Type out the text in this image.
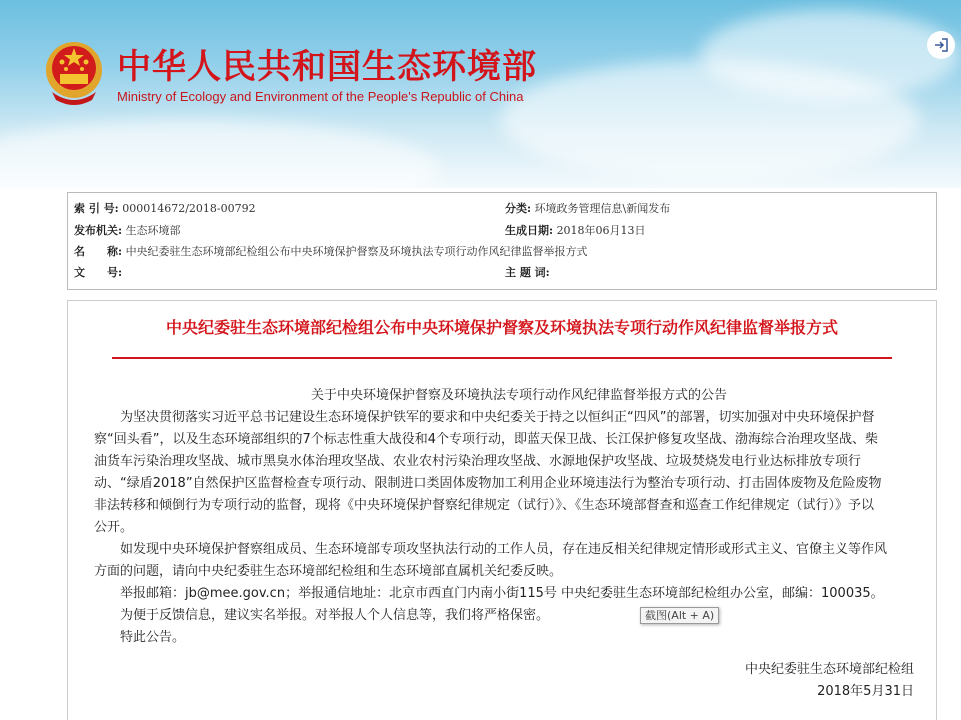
中华人民共和国生态环境部
Ministry of Ecology and Environment of the People's Republic of China
索 引 号: 000014672/2018-00792	分类: 环境政务管理信息\新闻发布
发布机关: 生态环境部	生成日期: 2018年06月13日
名　　称: 中央纪委驻生态环境部纪检组公布中央环境保护督察及环境执法专项行动作风纪律监督举报方式
文　　号:	主 题 词:
中央纪委驻生态环境部纪检组公布中央环境保护督察及环境执法专项行动作风纪律监督举报方式
关于中央环境保护督察及环境执法专项行动作风纪律监督举报方式的公告
为坚决贯彻落实习近平总书记建设生态环境保护铁军的要求和中央纪委关于持之以恒纠正“四风”的部署，切实加强对中央环境保护督
察“回头看”，以及生态环境部组织的7个标志性重大战役和4个专项行动，即蓝天保卫战、长江保护修复攻坚战、渤海综合治理攻坚战、柴
油货车污染治理攻坚战、城市黑臭水体治理攻坚战、农业农村污染治理攻坚战、水源地保护攻坚战、垃圾焚烧发电行业达标排放专项行
动、“绿盾2018”自然保护区监督检查专项行动、限制进口类固体废物加工利用企业环境违法行为整治专项行动、打击固体废物及危险废物
非法转移和倾倒行为专项行动的监督，现将《中央环境保护督察纪律规定（试行）》、《生态环境部督查和巡查工作纪律规定（试行）》予以
公开。
如发现中央环境保护督察组成员、生态环境部专项攻坚执法行动的工作人员，存在违反相关纪律规定情形或形式主义、官僚主义等作风
方面的问题，请向中央纪委驻生态环境部纪检组和生态环境部直属机关纪委反映。
举报邮箱：jb@mee.gov.cn；举报通信地址：北京市西直门内南小街115号 中央纪委驻生态环境部纪检组办公室，邮编：100035。
为便于反馈信息，建议实名举报。对举报人个人信息等，我们将严格保密。
特此公告。
中央纪委驻生态环境部纪检组
2018年5月31日
截图(Alt + A)
